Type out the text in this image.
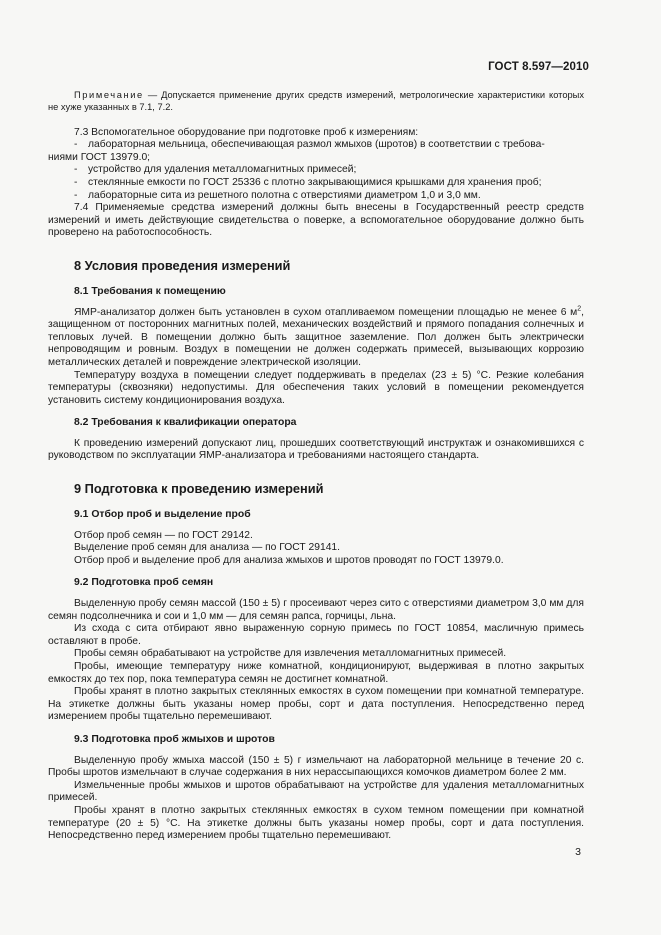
ГОСТ 8.597—2010

Примечание — Допускается применение других средств измерений, метрологические характеристики которых не хуже указанных в 7.1, 7.2.

7.3 Вспомогательное оборудование при подготовке проб к измерениям:

-	лабораторная мельница, обеспечивающая размол жмыхов (шротов) в соответствии с требова-

ниями ГОСТ 13979.0;

-	устройство для удаления металломагнитных примесей;
-	стеклянные емкости по ГОСТ 25336 с плотно закрывающимися крышками для хранения проб;
-	лабораторные сита из решетного полотна с отверстиями диаметром 1,0 и 3,0 мм.

7.4 Применяемые средства измерений должны быть внесены в Государственный реестр средств измерений и иметь действующие свидетельства о поверке, а вспомогательное оборудование должно быть проверено на работоспособность.

8 Условия проведения измерений
8.1 Требования к помещению

ЯМР-анализатор должен быть установлен в сухом отапливаемом помещении площадью не менее 6 $м^2$, защищенном от посторонних магнитных полей, механических воздействий и прямого попадания солнечных и тепловых лучей. В помещении должно быть защитное заземление. Пол должен быть электрически непроводящим и ровным. Воздух в помещении не должен содержать примесей, вызывающих коррозию металлических деталей и повреждение электрической изоляции.

Температуру воздуха в помещении следует поддерживать в пределах (23 ± 5) °С. Резкие колебания температуры (сквозняки) недопустимы. Для обеспечения таких условий в помещении рекомендуется установить систему кондиционирования воздуха.

8.2 Требования к квалификации оператора

К проведению измерений допускают лиц, прошедших соответствующий инструктаж и ознакомившихся с руководством по эксплуатации ЯМР-анализатора и требованиями настоящего стандарта.

9 Подготовка к проведению измерений
9.1 Отбор проб и выделение проб

Отбор проб семян — по ГОСТ 29142.

Выделение проб семян для анализа — по ГОСТ 29141.

Отбор проб и выделение проб для анализа жмыхов и шротов проводят по ГОСТ 13979.0.

9.2 Подготовка проб семян

Выделенную пробу семян массой (150 ± 5) г просеивают через сито с отверстиями диаметром 3,0 мм для семян подсолнечника и сои и 1,0 мм — для семян рапса, горчицы, льна.

Из схода с сита отбирают явно выраженную сорную примесь по ГОСТ 10854, масличную примесь оставляют в пробе.

Пробы семян обрабатывают на устройстве для извлечения металломагнитных примесей.

Пробы, имеющие температуру ниже комнатной, кондиционируют, выдерживая в плотно закрытых емкостях до тех пор, пока температура семян не достигнет комнатной.

Пробы хранят в плотно закрытых стеклянных емкостях в сухом помещении при комнатной температуре. На этикетке должны быть указаны номер пробы, сорт и дата поступления. Непосредственно перед измерением пробы тщательно перемешивают.

9.3 Подготовка проб жмыхов и шротов

Выделенную пробу жмыха массой (150 ± 5) г измельчают на лабораторной мельнице в течение 20 с. Пробы шротов измельчают в случае содержания в них нерассыпающихся комочков диаметром более 2 мм.

Измельченные пробы жмыхов и шротов обрабатывают на устройстве для удаления металломагнитных примесей.

Пробы хранят в плотно закрытых стеклянных емкостях в сухом темном помещении при комнатной температуре (20 ± 5) °С. На этикетке должны быть указаны номер пробы, сорт и дата поступления. Непосредственно перед измерением пробы тщательно перемешивают.

3
